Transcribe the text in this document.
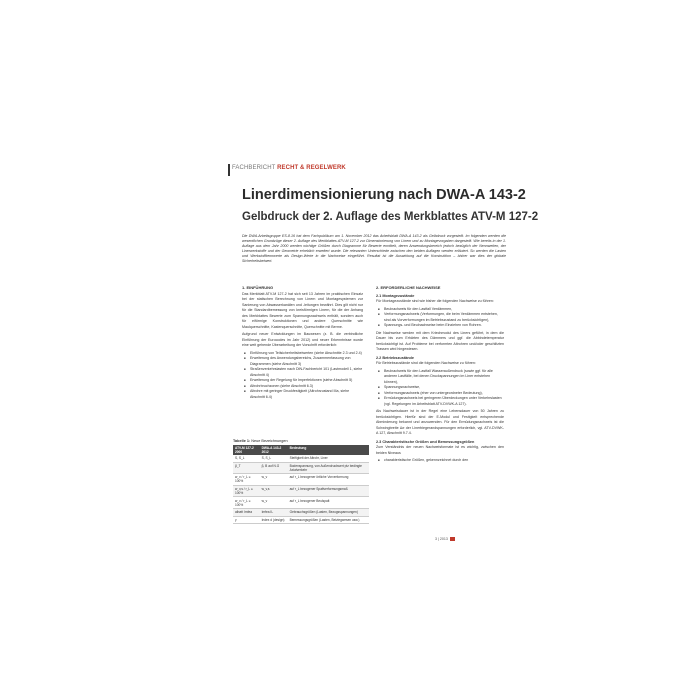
FACHBERICHT RECHT & REGELWERK
Linerdimensionierung nach DWA-A 143-2
Gelbdruck der 2. Auflage des Merkblattes ATV-M 127-2
Die DWA-Arbeitsgruppe ES-8.16 hat dem Fachpublikum am 1. November 2012 das Arbeitsblatt DWA-A 143-2 als Gelbdruck vorgestellt. Im folgenden werden die wesentlichen Grundzüge dieser 2. Auflage des Merkblattes ATV-M 127-2 zur Dimensionierung von Linern und zu Montagevorgaben dargestellt. Wie bereits in der 1. Auflage aus dem Jahr 2000 werden wichtige Größen durch Diagramme für Bewerte ermittelt, deren Anwendungsbereich jedoch bezüglich der Nennweiten, der Linerwerkstoffe und der Geometrie erheblich erweitert wurde. Die relevanten Unterschiede zwischen den beiden Auflagen werden erläutert. So werden die Lasten und Werkstoffkennwerte als Design-Werte in die Nachweise eingeführt. Resultat ist die Auswirkung auf die Konstruktion – bisher war dies der globale Sicherheitsbeiwert.
1. EINFÜHRUNG

Das Merkblatt ATV-M 127-2 hat sich seit 13 Jahren im praktischen Einsatz bei der statischen Berechnung von Linern und Montagesystemen zur Sanierung von Abwasserkanälen und -leitungen bewährt. Dies gilt nicht nur für die Standardbemessung von kreisförmigen Linern, für die der Anhang des Merkblattes Bewerte zum Spannungsnachweis enthält, sondern auch für eiförmige Konstruktionen und andere Querschnitte wie Maulquerschnitte, Kastenquerschnitte, Querschnitte mit Berme.

Aufgrund neuer Entwicklungen im Bauwesen (z. B. die verbindliche Einführung der Eurocodes im Jahr 2012) und neuer Erkenntnisse wurde eine weit gehende Überarbeitung der Vorschrift erforderlich:

■ Einführung von Teilsicherheitsbeiwerten (siehe Abschnitte 2.3 und 2.4)
■ Erweiterung des Anwendungsbereichs, Zusammenfassung von Diagrammen (siehe Abschnitt 3)
■ Straßenverkehrslasten nach DIN-Fachbericht 101 (Lastmodell 1, siehe Abschnitt 4)
■ Erweiterung der Regelung für Imperfektionen (siehe Abschnitt 5)
■ Altrohrbruchzonen (siehe Abschnitt 6.3)
■ Altrohre mit geringer Druckfestigkeit (Altrohrzustand IIIa, siehe Abschnitt 6.4)
Tabelle 1: Neue Bezeichnungen
ATV-M 127-2 2000	DWA-A 143-2 2012	Bedeutung
S, S_L	S, S_L	Steifigkeit der Altrohr, Liner
β_T	β, B auf N.G	Bodenspannung, von Außendruckwert ptz bedingte Axialverkehr
w_v / r_L ≤ 100%	w_v	auf r_L bezogener örtliche Vorverformung
w_v,s / r_L ≤ 100%	w_v,s	auf r_L bezogener Spaltverformungsmaß
w_v / r_L ≤ 100%	w_v	auf r_L bezogener Beulspalt
allseit Imfea	Imfea IL	Gebrauchsgrößen (Lasten, Bezugsspannungen)
γ	Index d (design)	Bemessungsgrößen (Lasten, Beiziegwesen usw.)
2. ERFORDERLICHE NACHWEISE
2.1 Montagezustände

Für Montagezustände sind wie bisher die folgenden Nachweise zu führen:

■ Beulnachweis für den Lastfall Verdämmen,
■ Verformungsnachweis (Verformungen, die beim Verdämmen entstehen, sind als Vorverformungen im Betriebszustand zu berücksichtigen),
■ Spannungs- und Beulnachweise beim Einziehen von Rohren.

Die Nachweise werden mit dem Kriechmodul des Liners geführt, in dem die Dauer bis zum Erhärten des Dämmers und ggf. die Abbindetemperatur berücksichtigt ist. Auf Probleme bei verformten Altrohren und/oder geschlitzten Trassen wird hingewiesen.

2.2 Betriebszustände

Für Betriebszustände sind die folgenden Nachweise zu führen:

■ Beulnachweis für den Lastfall Wasseraußendruck (sowie ggf. für alle anderen Lastfälle, bei denen Druckspannungen im Liner entstehen können),
■ Spannungsnachweise,
■ Verformungsnachweis (eher von untergeordneter Bedeutung),
■ Ermüdungsnachweis bei geringeren Überdeckungen unter Verkehrslasten (vgl. Regelungen im Arbeitsblatt ATV-DVWK-A 127).

Als Nachweisdauer ist in der Regel eine Lebensdauer von 50 Jahren zu berücksichtigen. Hierfür sind der E-Modul und Festigkeit entsprechende Abminderung bekannt und anzuwenden. Für den Ermüdungsnachweis ist die Schwingbreite Δσ der Linerbiegerandspannungen erforderlich, vgl. ATV-DVWK-A 127, Abschnitt 9.7.4.

2.3 Charakteristische Größen und Bemessungsgrößen

Zum Verständnis der neuen Nachweisformate ist es wichtig, zwischen den beiden Niveaus

■ charakteristische Größen, gekennzeichnet durch den
3 | 2013
